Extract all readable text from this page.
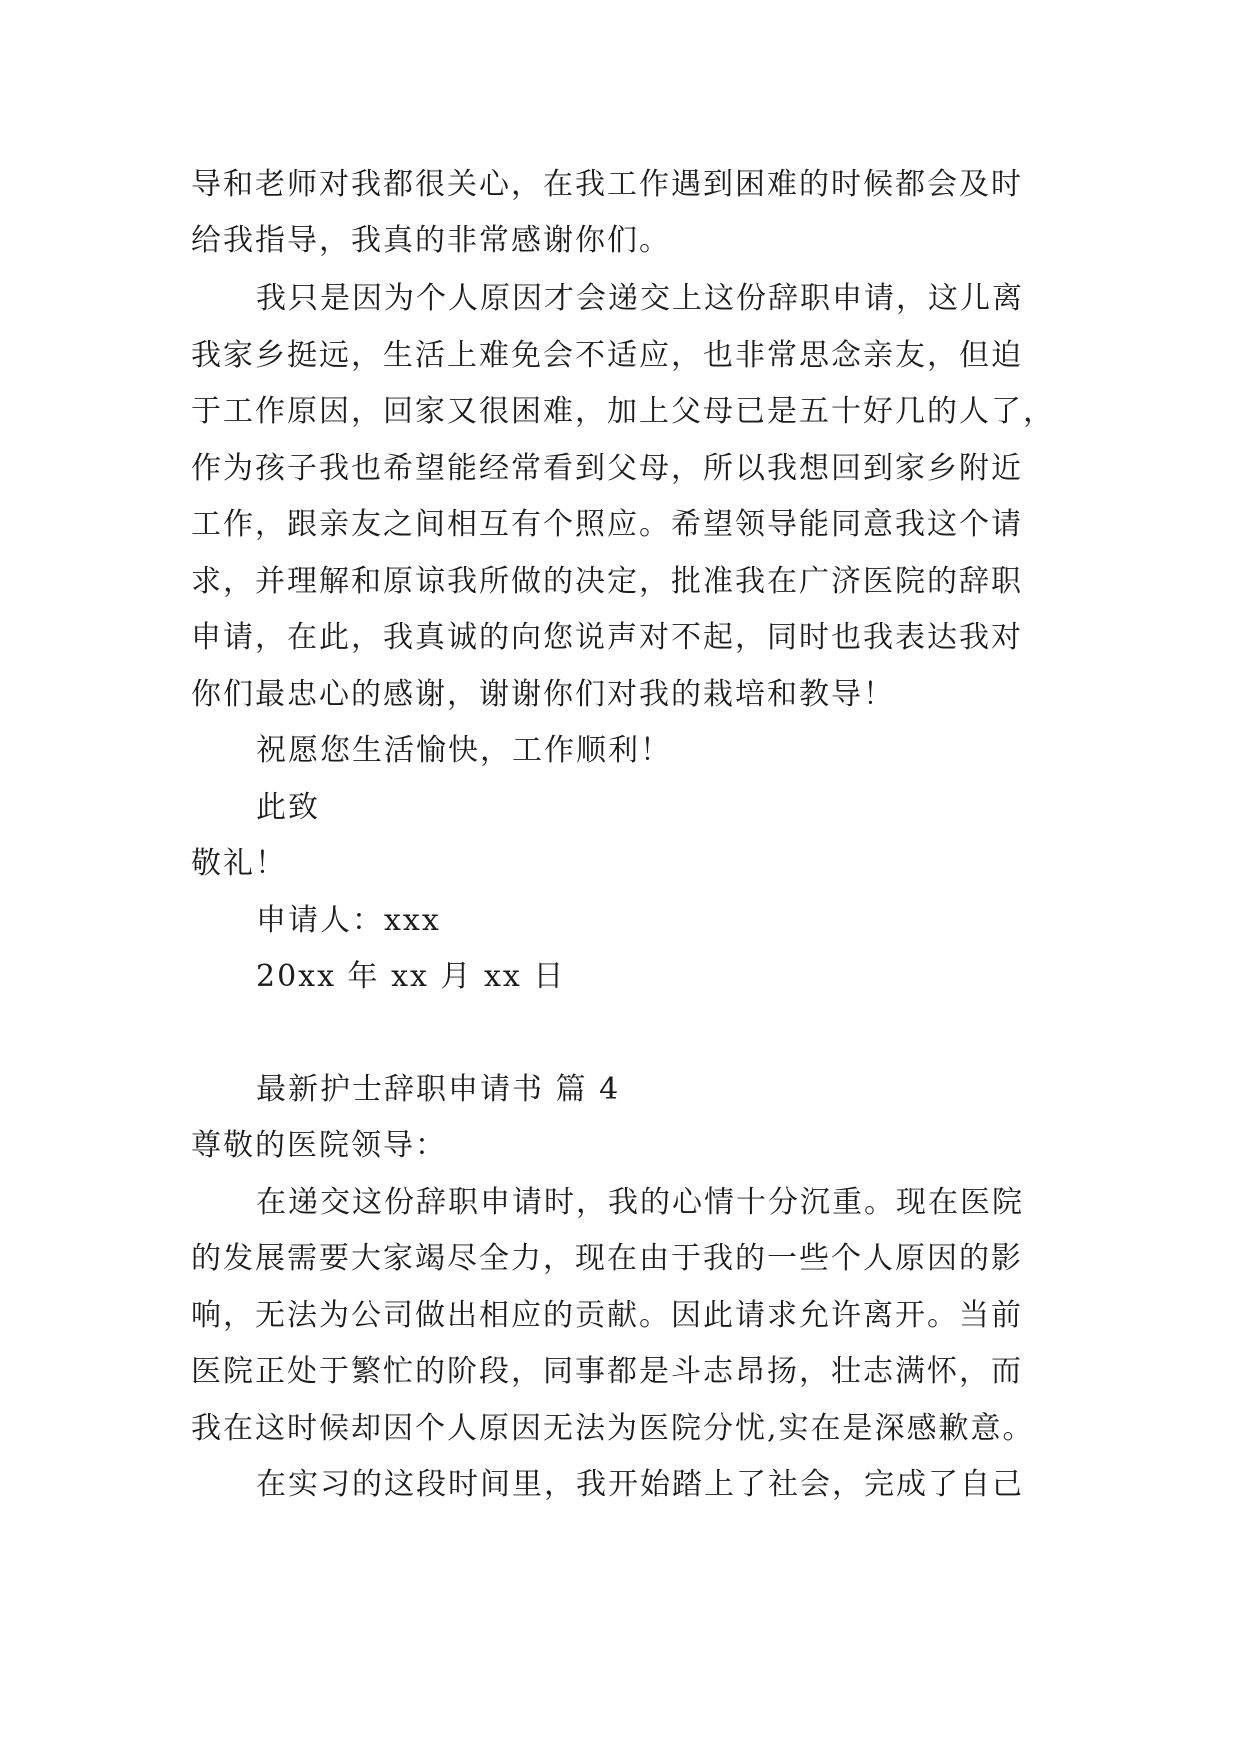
导和老师对我都很关心，在我工作遇到困难的时候都会及时
给我指导，我真的非常感谢你们。
我只是因为个人原因才会递交上这份辞职申请，这儿离
我家乡挺远，生活上难免会不适应，也非常思念亲友，但迫
于工作原因，回家又很困难，加上父母已是五十好几的人了，
作为孩子我也希望能经常看到父母，所以我想回到家乡附近
工作，跟亲友之间相互有个照应。希望领导能同意我这个请
求，并理解和原谅我所做的决定，批准我在广济医院的辞职
申请，在此，我真诚的向您说声对不起，同时也我表达我对
你们最忠心的感谢，谢谢你们对我的栽培和教导！
祝愿您生活愉快，工作顺利！
此致
敬礼！
申请人：xxx
20xx 年 xx 月 xx 日
最新护士辞职申请书 篇 4
尊敬的医院领导：
在递交这份辞职申请时，我的心情十分沉重。现在医院
的发展需要大家竭尽全力，现在由于我的一些个人原因的影
响，无法为公司做出相应的贡献。因此请求允许离开。当前
医院正处于繁忙的阶段，同事都是斗志昂扬，壮志满怀，而
我在这时候却因个人原因无法为医院分忧,实在是深感歉意。
在实习的这段时间里，我开始踏上了社会，完成了自己
